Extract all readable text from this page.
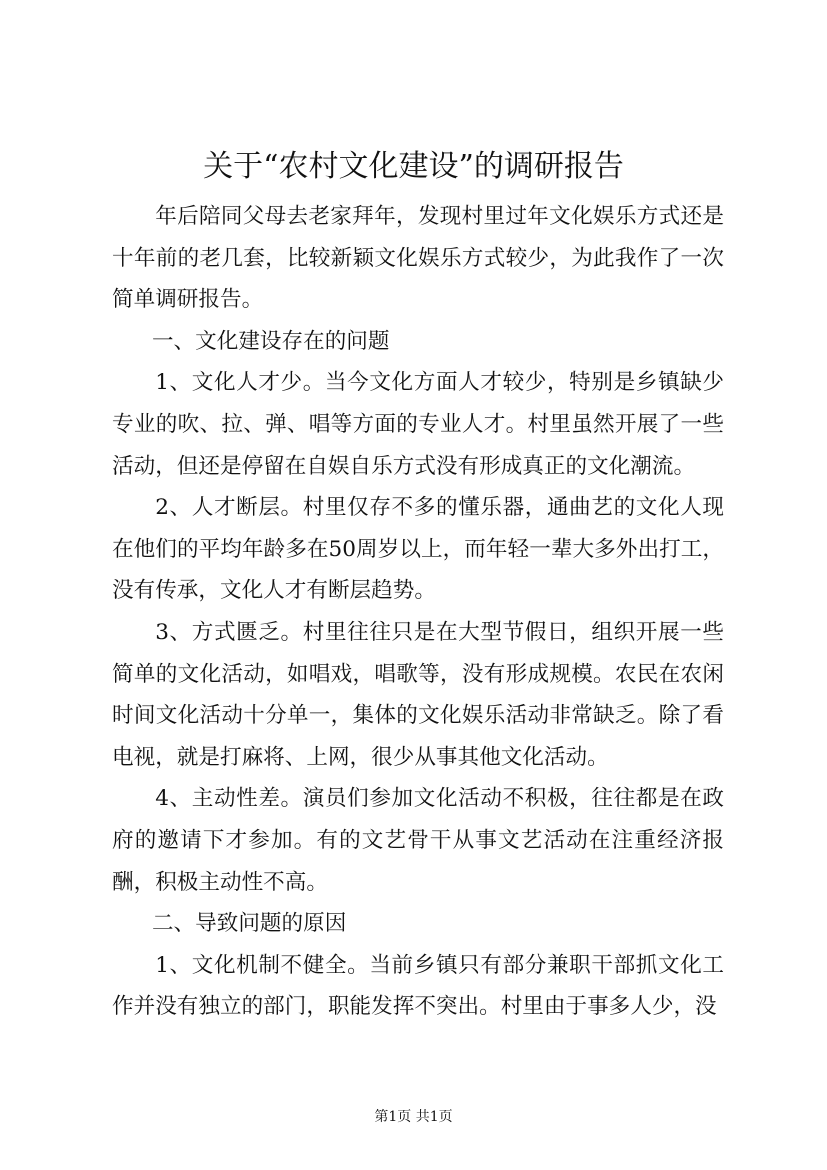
关于“农村文化建设”的调研报告

年后陪同父母去老家拜年，发现村里过年文化娱乐方式还是十年前的老几套，比较新颖文化娱乐方式较少，为此我作了一次简单调研报告。

一、文化建设存在的问题

1、文化人才少。当今文化方面人才较少，特别是乡镇缺少专业的吹、拉、弹、唱等方面的专业人才。村里虽然开展了一些活动，但还是停留在自娱自乐方式没有形成真正的文化潮流。

2、人才断层。村里仅存不多的懂乐器，通曲艺的文化人现在他们的平均年龄多在50周岁以上，而年轻一辈大多外出打工，没有传承，文化人才有断层趋势。

3、方式匮乏。村里往往只是在大型节假日，组织开展一些简单的文化活动，如唱戏，唱歌等，没有形成规模。农民在农闲时间文化活动十分单一，集体的文化娱乐活动非常缺乏。除了看电视，就是打麻将、上网，很少从事其他文化活动。

4、主动性差。演员们参加文化活动不积极，往往都是在政府的邀请下才参加。有的文艺骨干从事文艺活动在注重经济报酬，积极主动性不高。

二、导致问题的原因

1、文化机制不健全。当前乡镇只有部分兼职干部抓文化工作并没有独立的部门，职能发挥不突出。村里由于事多人少，没

第1页 共1页
